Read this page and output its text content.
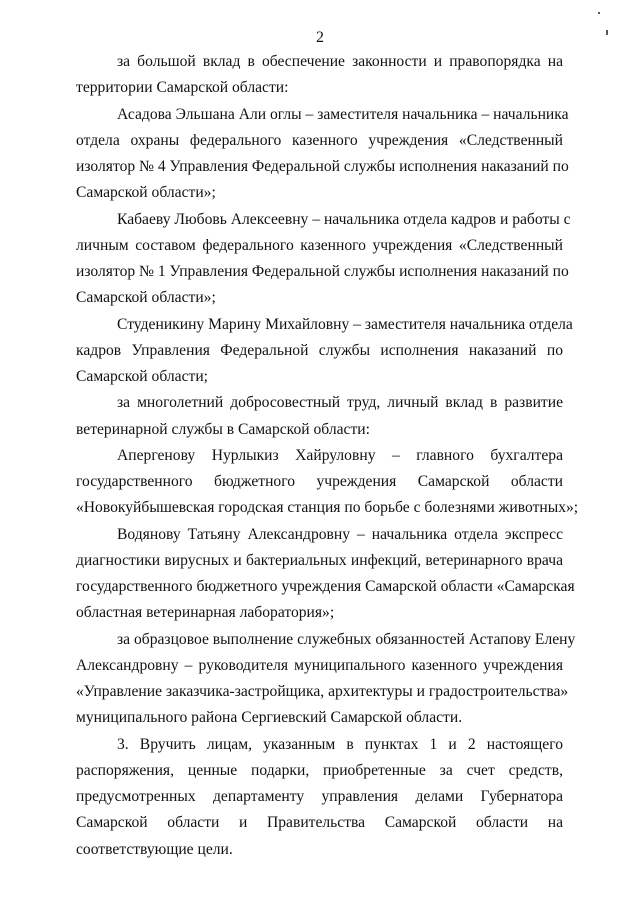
2
за большой вклад в обеспечение законности и правопорядка на
территории Самарской области:
Асадова Эльшана Али оглы – заместителя начальника – начальника
отдела охраны федерального казенного учреждения «Следственный
изолятор № 4 Управления Федеральной службы исполнения наказаний по
Самарской области»;
Кабаеву Любовь Алексеевну – начальника отдела кадров и работы с
личным составом федерального казенного учреждения «Следственный
изолятор № 1 Управления Федеральной службы исполнения наказаний по
Самарской области»;
Студеникину Марину Михайловну – заместителя начальника отдела
кадров Управления Федеральной службы исполнения наказаний по
Самарской области;
за многолетний добросовестный труд, личный вклад в развитие
ветеринарной службы в Самарской области:
Апергенову Нурлыкиз Хайруловну – главного бухгалтера
государственного бюджетного учреждения Самарской области
«Новокуйбышевская городская станция по борьбе с болезнями животных»;
Водянову Татьяну Александровну – начальника отдела экспресс
диагностики вирусных и бактериальных инфекций, ветеринарного врача
государственного бюджетного учреждения Самарской области «Самарская
областная ветеринарная лаборатория»;
за образцовое выполнение служебных обязанностей Астапову Елену
Александровну – руководителя муниципального казенного учреждения
«Управление заказчика-застройщика, архитектуры и градостроительства»
муниципального района Сергиевский Самарской области.
3. Вручить лицам, указанным в пунктах 1 и 2 настоящего
распоряжения, ценные подарки, приобретенные за счет средств,
предусмотренных департаменту управления делами Губернатора
Самарской области и Правительства Самарской области на
соответствующие цели.
